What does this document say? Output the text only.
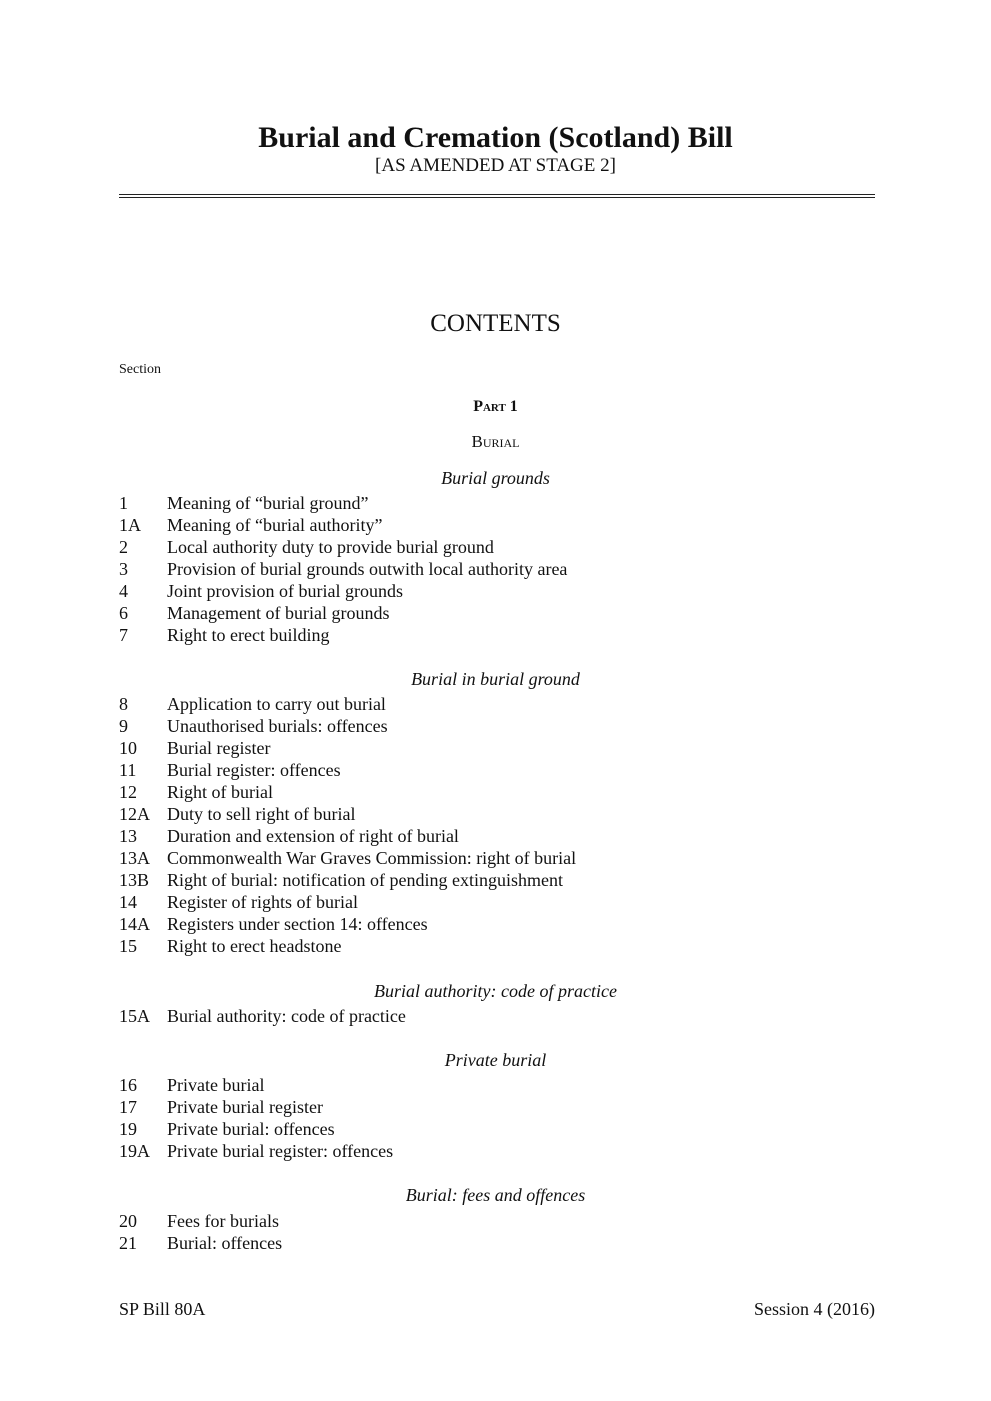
Burial and Cremation (Scotland) Bill
[AS AMENDED AT STAGE 2]
CONTENTS
Section
Part 1
Burial
Burial grounds
1 Meaning of “burial ground”
1A Meaning of “burial authority”
2 Local authority duty to provide burial ground
3 Provision of burial grounds outwith local authority area
4 Joint provision of burial grounds
6 Management of burial grounds
7 Right to erect building
Burial in burial ground
8 Application to carry out burial
9 Unauthorised burials: offences
10 Burial register
11 Burial register: offences
12 Right of burial
12A Duty to sell right of burial
13 Duration and extension of right of burial
13A Commonwealth War Graves Commission: right of burial
13B Right of burial: notification of pending extinguishment
14 Register of rights of burial
14A Registers under section 14: offences
15 Right to erect headstone
Burial authority: code of practice
15A Burial authority: code of practice
Private burial
16 Private burial
17 Private burial register
19 Private burial: offences
19A Private burial register: offences
Burial: fees and offences
20 Fees for burials
21 Burial: offences
SP Bill 80A	Session 4 (2016)
